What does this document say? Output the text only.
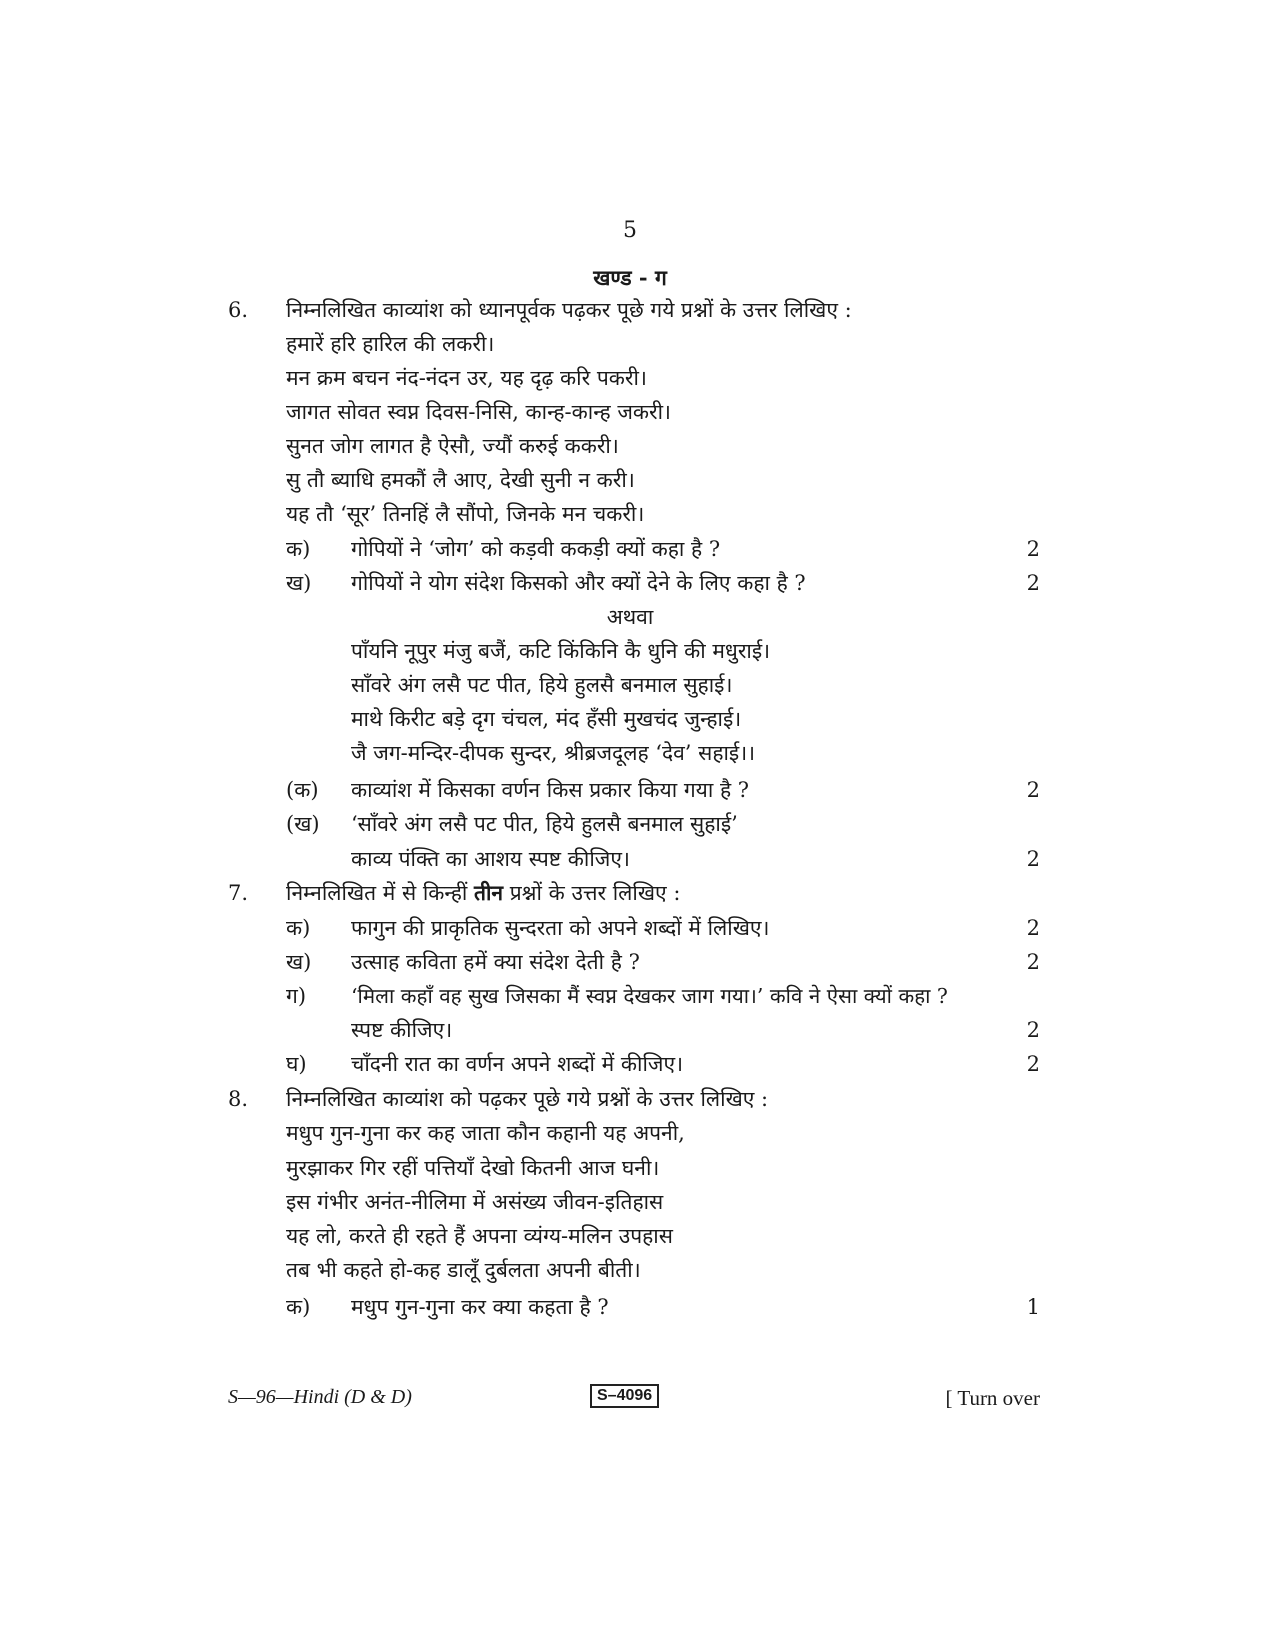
5
खण्ड - ग
6. निम्नलिखित काव्यांश को ध्यानपूर्वक पढ़कर पूछे गये प्रश्नों के उत्तर लिखिए :
हमारें हरि हारिल की लकरी।
मन क्रम बचन नंद-नंदन उर, यह दृढ़ करि पकरी।
जागत सोवत स्वप्न दिवस-निसि, कान्ह-कान्ह जकरी।
सुनत जोग लागत है ऐसौ, ज्यौं करुई ककरी।
सु तौ ब्याधि हमकौं लै आए, देखी सुनी न करी।
यह तौ ‘सूर’ तिनहिं लै सौंपो, जिनके मन चकरी।
क) गोपियों ने ‘जोग’ को कड़वी ककड़ी क्यों कहा है ?	2
ख) गोपियों ने योग संदेश किसको और क्यों देने के लिए कहा है ?	2
अथवा
पाँयनि नूपुर मंजु बजैं, कटि किंकिनि कै धुनि की मधुराई।
साँवरे अंग लसै पट पीत, हिये हुलसै बनमाल सुहाई।
माथे किरीट बड़े दृग चंचल, मंद हँसी मुखचंद जुन्हाई।
जै जग-मन्दिर-दीपक सुन्दर, श्रीब्रजदूलह ‘देव’ सहाई।।
(क) काव्यांश में किसका वर्णन किस प्रकार किया गया है ?	2
(ख) ‘साँवरे अंग लसै पट पीत, हिये हुलसै बनमाल सुहाई’
काव्य पंक्ति का आशय स्पष्ट कीजिए।	2
7. निम्नलिखित में से किन्हीं तीन प्रश्नों के उत्तर लिखिए :
क) फागुन की प्राकृतिक सुन्दरता को अपने शब्दों में लिखिए।	2
ख) उत्साह कविता हमें क्या संदेश देती है ?	2
ग) ‘मिला कहाँ वह सुख जिसका मैं स्वप्न देखकर जाग गया।’ कवि ने ऐसा क्यों कहा ?
स्पष्ट कीजिए।	2
घ) चाँदनी रात का वर्णन अपने शब्दों में कीजिए।	2
8. निम्नलिखित काव्यांश को पढ़कर पूछे गये प्रश्नों के उत्तर लिखिए :
मधुप गुन-गुना कर कह जाता कौन कहानी यह अपनी,
मुरझाकर गिर रहीं पत्तियाँ देखो कितनी आज घनी।
इस गंभीर अनंत-नीलिमा में असंख्य जीवन-इतिहास
यह लो, करते ही रहते हैं अपना व्यंग्य-मलिन उपहास
तब भी कहते हो-कह डालूँ दुर्बलता अपनी बीती।
क) मधुप गुन-गुना कर क्या कहता है ?	1
S—96—Hindi (D & D)	S–4096	[ Turn over
